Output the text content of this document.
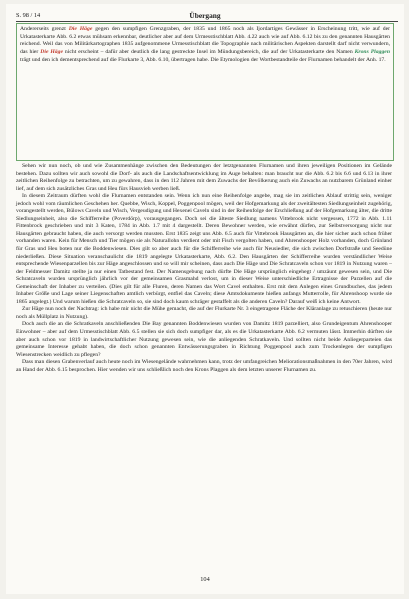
S. 98 / 14	Übergang

Andererseits grenzt Die Häge gegen den sumpfigen Grenzgraben, der 1835 und 1865 noch als Ijordartiges Gewässer in Erscheinung tritt, wie auf der Urkatasterkarte Abb. 6.2 etwas mühsam erkennbar, deutlicher aber auf dem Urmesstischblatt Abb. 4.22 auch wie auf Abb. 6.12 bis zu den genannten Hausgärten reichend. Weil das von Militärkartographen 1835 aufgenommene Urmesstischblatt die Topographie nach militärischen Aspekten darstellt darf nicht verwundern, das hier Die Häge nicht erscheint – dafür aber deutlich die lang gestreckte Insel im Mündungsbereich, die auf der Urkatasterkarte den Namen Krons Plaggen trägt und den ich dementsprechend auf die Flurkarte 3, Abb. 6.10, übertragen habe. Die Etymologien der Wortbestandteile der Flurnamen behandelt der Anh. 17.

Sehen wir nun noch, ob und wie Zusammenhänge zwischen den Bedeutungen der letztgenannten Flurnamen und ihren jeweiligen Positionen im Gelände bestehen. Dazu sollten wir auch sowohl die Dorf- als auch die Landschaftsentwicklung im Auge behalten: man braucht nur die Abb. 6.2 bis 6.6 und 6.13 in ihrer zeitlichen Reihenfolge zu betrachten, um zu gewahren, dass in den 112 Jahren mit dem Zuwachs der Bevölkerung auch ein Zuwachs an nutzbarem Grünland einher lief, auf dem sich zusätzliches Gras und Heu fürs Hausvieh werben ließ.

In diesem Zeitraum dürften wohl die Flurnamen entstanden sein. Wenn ich nun eine Reihenfolge angebe, mag sie im zeitlichen Ablauf strittig sein, weniger jedoch wohl vom räumlichen Geschehen her. Quebbe, Wisch, Koppel, Poggenpool mögen, weil der Hofgemarkung als der zweitältesten Siedlungseinheit zugehörig, vorangestellt werden, Bülows Caveln und Wisch, Vergeudigung und Hexenei Caveln sind in der Reihenfolge der Erschließung auf der Hofgemarkung älter, die dritte Siedlungseinheit, also die Schifferreihe (Poverdörp), vorausgegangen. Doch sei die älteste Siedlung namens Vittebrook nicht vergessen, 1772 in Abb. 1.11 Fittenbrock geschrieben und mit 3 Katen, 1784 in Abb. 1.7 mit 4 dargestellt. Deren Bewohner werden, wie erwähnt dürfen, zur Selbstversorgung nicht nur Hausgärten gebraucht haben, die auch versorgt werden mussten. Erst 1835 zeigt uns Abb. 6.5 auch für Vittebrook Hausgärten an, die hier sicher auch schon früher vorhanden waren. Kein für Mensch und Tier mögen sie als Naturallohn verdient oder mit Fisch vergolten haben, und Ahrenshooper Holz vorhanden, doch Grünland für Gras und Heu boten nur die Boddenwiesen. Dies gilt so aber auch für die Schifferreihe wie auch für Neusiedler, die sich zwischen Dorfstraße und Seedüne niederließen. Diese Situation veranschaulicht die 1819 angelegte Urkatasterkarte, Abb. 6.2. Den Hausgärten der Schifferreihe wurden verständlicher Weise entsprechende Wiesenparzellen bis zur Häge angeschlossen und so will mir scheinen, dass auch Die Häge und Die Schratcaveln schon vor 1819 in Nutzung waren – der Feldmesser Damitz stellte ja nur einen Tatbestand fest. Der Namensgebung nach dürfte Die Häge ursprünglich eingehegt / umzäunt gewesen sein, und Die Schratcaveln wurden ursprünglich jährlich vor der gemeinsamen Grasmahd verlost, um in dieser Weise unterschiedliche Ertragnisse der Parzellen auf die Gemeinschaft der Inhaber zu verteilen. (Dies gilt für alle Fluren, deren Namen das Wort Cavel enthalten. Erst mit dem Anlegen eines Grundbuches, das jedem Inhaber Größe und Lage seiner Liegenschaften amtlich verbürgt, entfiel das Caveln; diese Amtsdokumente hießen anfangs Mutterrolle, für Ahrenshoop wurde sie 1865 angelegt.) Und warum hießen die Schratcaveln so, sie sind doch kaum schräger gestaffelt als die anderen Caveln? Darauf weiß ich keine Antwort.

Zur Häge nun noch der Nachtrag: ich habe mir nicht die Mühe gemacht, die auf der Flurkarte Nr. 3 eingetragene Fläche der Kläranlage zu retuschieren (heute nur noch als Müllplatz in Nutzung).

Doch auch die an die Schratkaveln anschließenden Die Bay genannten Boddenwiesen wurden von Damitz 1819 parzelliert, also Grundeigentum Ahrenshooper Einwohner – aber auf dem Urmesstischblatt Abb. 6.5 stellen sie sich doch sumpfiger dar, als es die Urkatasterkarte Abb. 6.2 vermuten lässt. Immerhin dürften sie aber auch schon vor 1819 in landwirtschaftlicher Nutzung gewesen sein, wie die anliegenden Schratkaveln. Und sollten nicht beide Anliegerparteien das gemeinsame Interesse gehabt haben, die doch schon genannten Entwässerungsgraben in Richtung Poggenpool auch zum Trockenlegen der sumpfigen Wiesenstrecken weidlich zu pflegen?

Dass man diesen Grabenverlauf auch heute noch im Wiesengelände wahrnehmen kann, trotz der umfangreichen Meliorationsmaßnahmen in den 70er Jahren, wird an Hand der Abb. 6.15 besprochen. Hier wenden wir uns schließlich noch den Krons Plaggen als dem letzten unserer Flurnamen zu.

104
